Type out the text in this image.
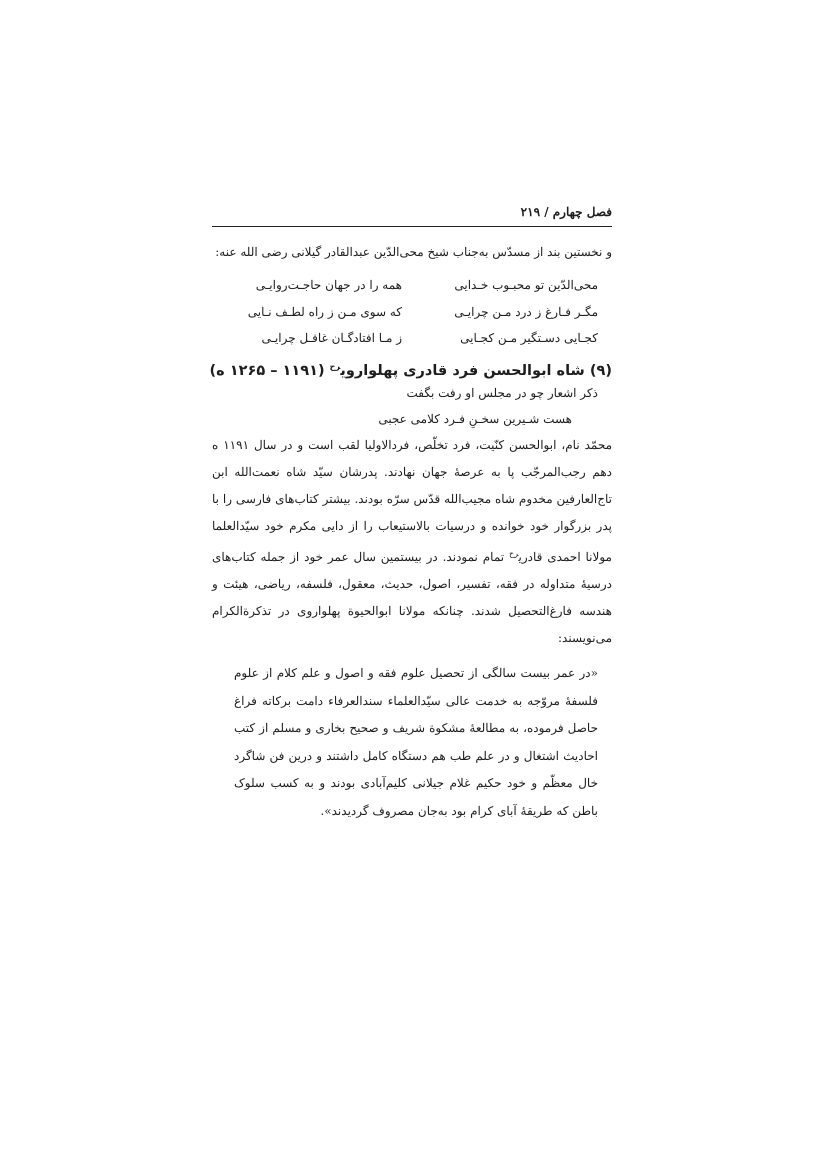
فصل چهارم / ۲۱۹

و نخستین بند از مسدّس به‌جناب شیخ محی‌الدّین عبدالقادر گیلانی رضی الله عنه:

محی‌الدّین تو محبـوب خـدایی
همه را در جهان حاجـت‌روایـی
مگـر فـارغ ز درد مـن چرایـی
که سوی مـن ز راه لطـف نـایی
کجـایی دسـتگیر مـن کجـایی
ز مـا افتادگـان غافـل چرایـی
(۹) شاه ابوالحسن فرد قادری پهلواروی$^{رح}$ (۱۱۹۱ – ۱۲۶۵ ه)

ذکر اشعار چو در مجلس او رفت بگفت

هست شـیرین سخـنِ فـرد کلامی عجبی

محمّد نام، ابوالحسن کنّیت، فرد تخلّص، فردالاولیا لقب است و در سال ۱۱۹۱ ه دهم رجب‌المرجّب پا به عرصهٔ جهان نهادند. پدرشان سیّد شاه نعمت‌الله ابن تاج‌العارفین مخدوم شاه مجیب‌الله قدّس سرّه بودند. بیشتر کتاب‌های فارسی را با پدر بزرگوار خود خوانده و درسیات بالاستیعاب را از دایی مکرم خود سیّدالعلما مولانا احمدی قادری$^{رح}$ تمام نمودند. در بیستمین سال عمر خود از جمله کتاب‌های درسیهٔ متداوله در فقه، تفسیر، اصول، حدیث، معقول، فلسفه، ریاضی، هیئت و هندسه فارغ‌التحصیل شدند. چنانکه مولانا ابوالحیوة پهلواروی در تذکرةالکرام می‌نویسند:

«در عمر بیست سالگی از تحصیل علوم فقه و اصول و علم کلام از علوم فلسفهٔ مروّجه به خدمت عالی سیّدالعلماء سندالعرفاء دامت برکاته فراغ حاصل فرموده، به مطالعهٔ مشکوة شریف و صحیح بخاری و مسلم از کتب احادیث اشتغال و در علم طب هم دستگاه کامل داشتند و درین فن شاگرد خال معظّم و خود حکیم غلام جیلانی کلیم‌آبادی بودند و به کسب سلوک باطن که طریقهٔ آبای کرام بود به‌جان مصروف گردیدند».
